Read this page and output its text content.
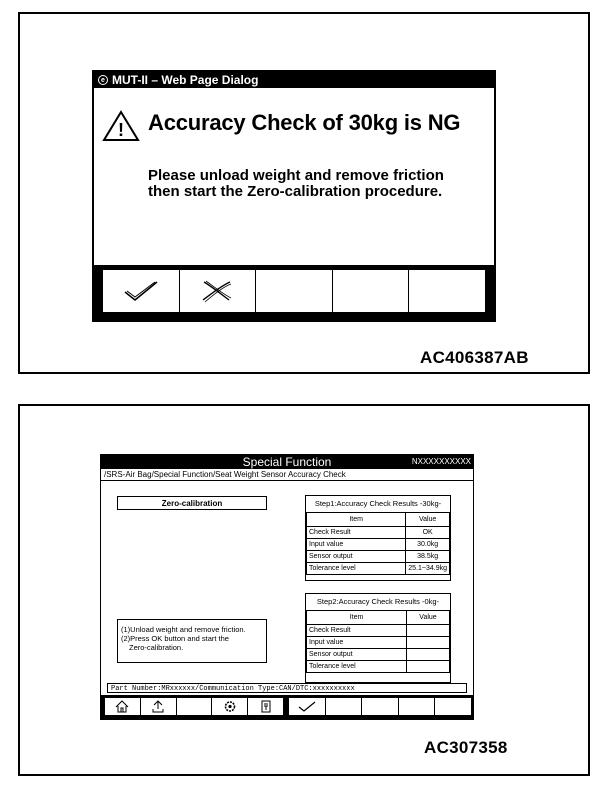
e MUT-II – Web Page Dialog
! Accuracy Check of 30kg is NG
Please unload weight and remove friction
then start the Zero-calibration procedure.
AC406387AB
Special Function	NXXXXXXXXXX
/SRS-Air Bag/Special Function/Seat Weight Sensor Accuracy Check
Zero-calibration	Step1:Accuracy Check Results -30kg-
Item	Value
Check Result	OK
Input value	30.0kg
Sensor output	38.5kg
Tolerance level	25.1~34.9kg
Step2:Accuracy Check Results -0kg-
Item	Value
Check Result	
Input value	
Sensor output	
Tolerance level	
(1)Unload weight and remove friction.
(2)Press OK button and start the
Zero-calibration.
Part Number:MRxxxxxx/Communication Type:CAN/DTC:xxxxxxxxxx
AC307358
